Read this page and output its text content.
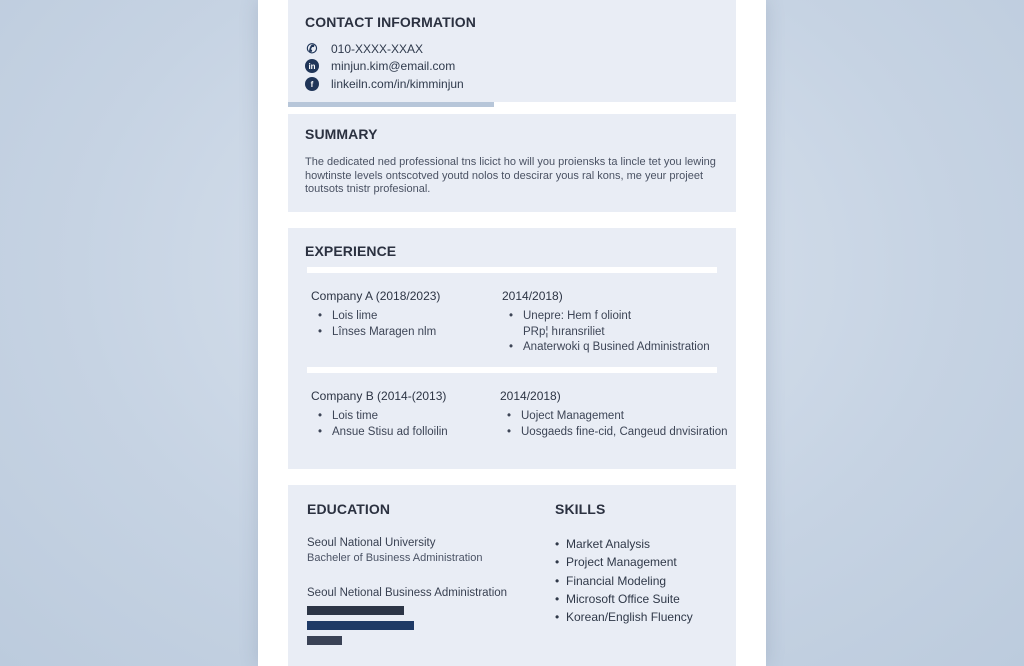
CONTACT INFORMATION
✆ 010-XXXX-XXAX
in minjun.kim@email.com
f	linkeiln.com/in/kimminjun
SUMMARY
The dedicated ned professional tns licict ho will you proiensks ta lincle tet you lewing
howtinste levels ontscotved youtd nolos to descirar yous ral kons, me yeur projeet
toutsots tnistr profesional.
EXPERIENCE
Company A (2018/2023)
• Lois lime
• Lînses Maragen nlm
2014/2018)
• Unepre: Hem f olioint
PRp¦ hıransriliet
• Anaterwoki q Busined Administration
Company B (2014-(2013)
• Lois time
• Ansue Stisu ad folloilin
2014/2018)
• Uoject Management
• Uosgaeds fine-cid, Cangeud dnvisiration
EDUCATION
Seoul National University
Bacheler of Business Administration
Seoul Netional Business Administration
SKILLS
• Market Analysis
• Project Management
• Financial Modeling
• Microsoft Office Suite
• Korean/English Fluency
